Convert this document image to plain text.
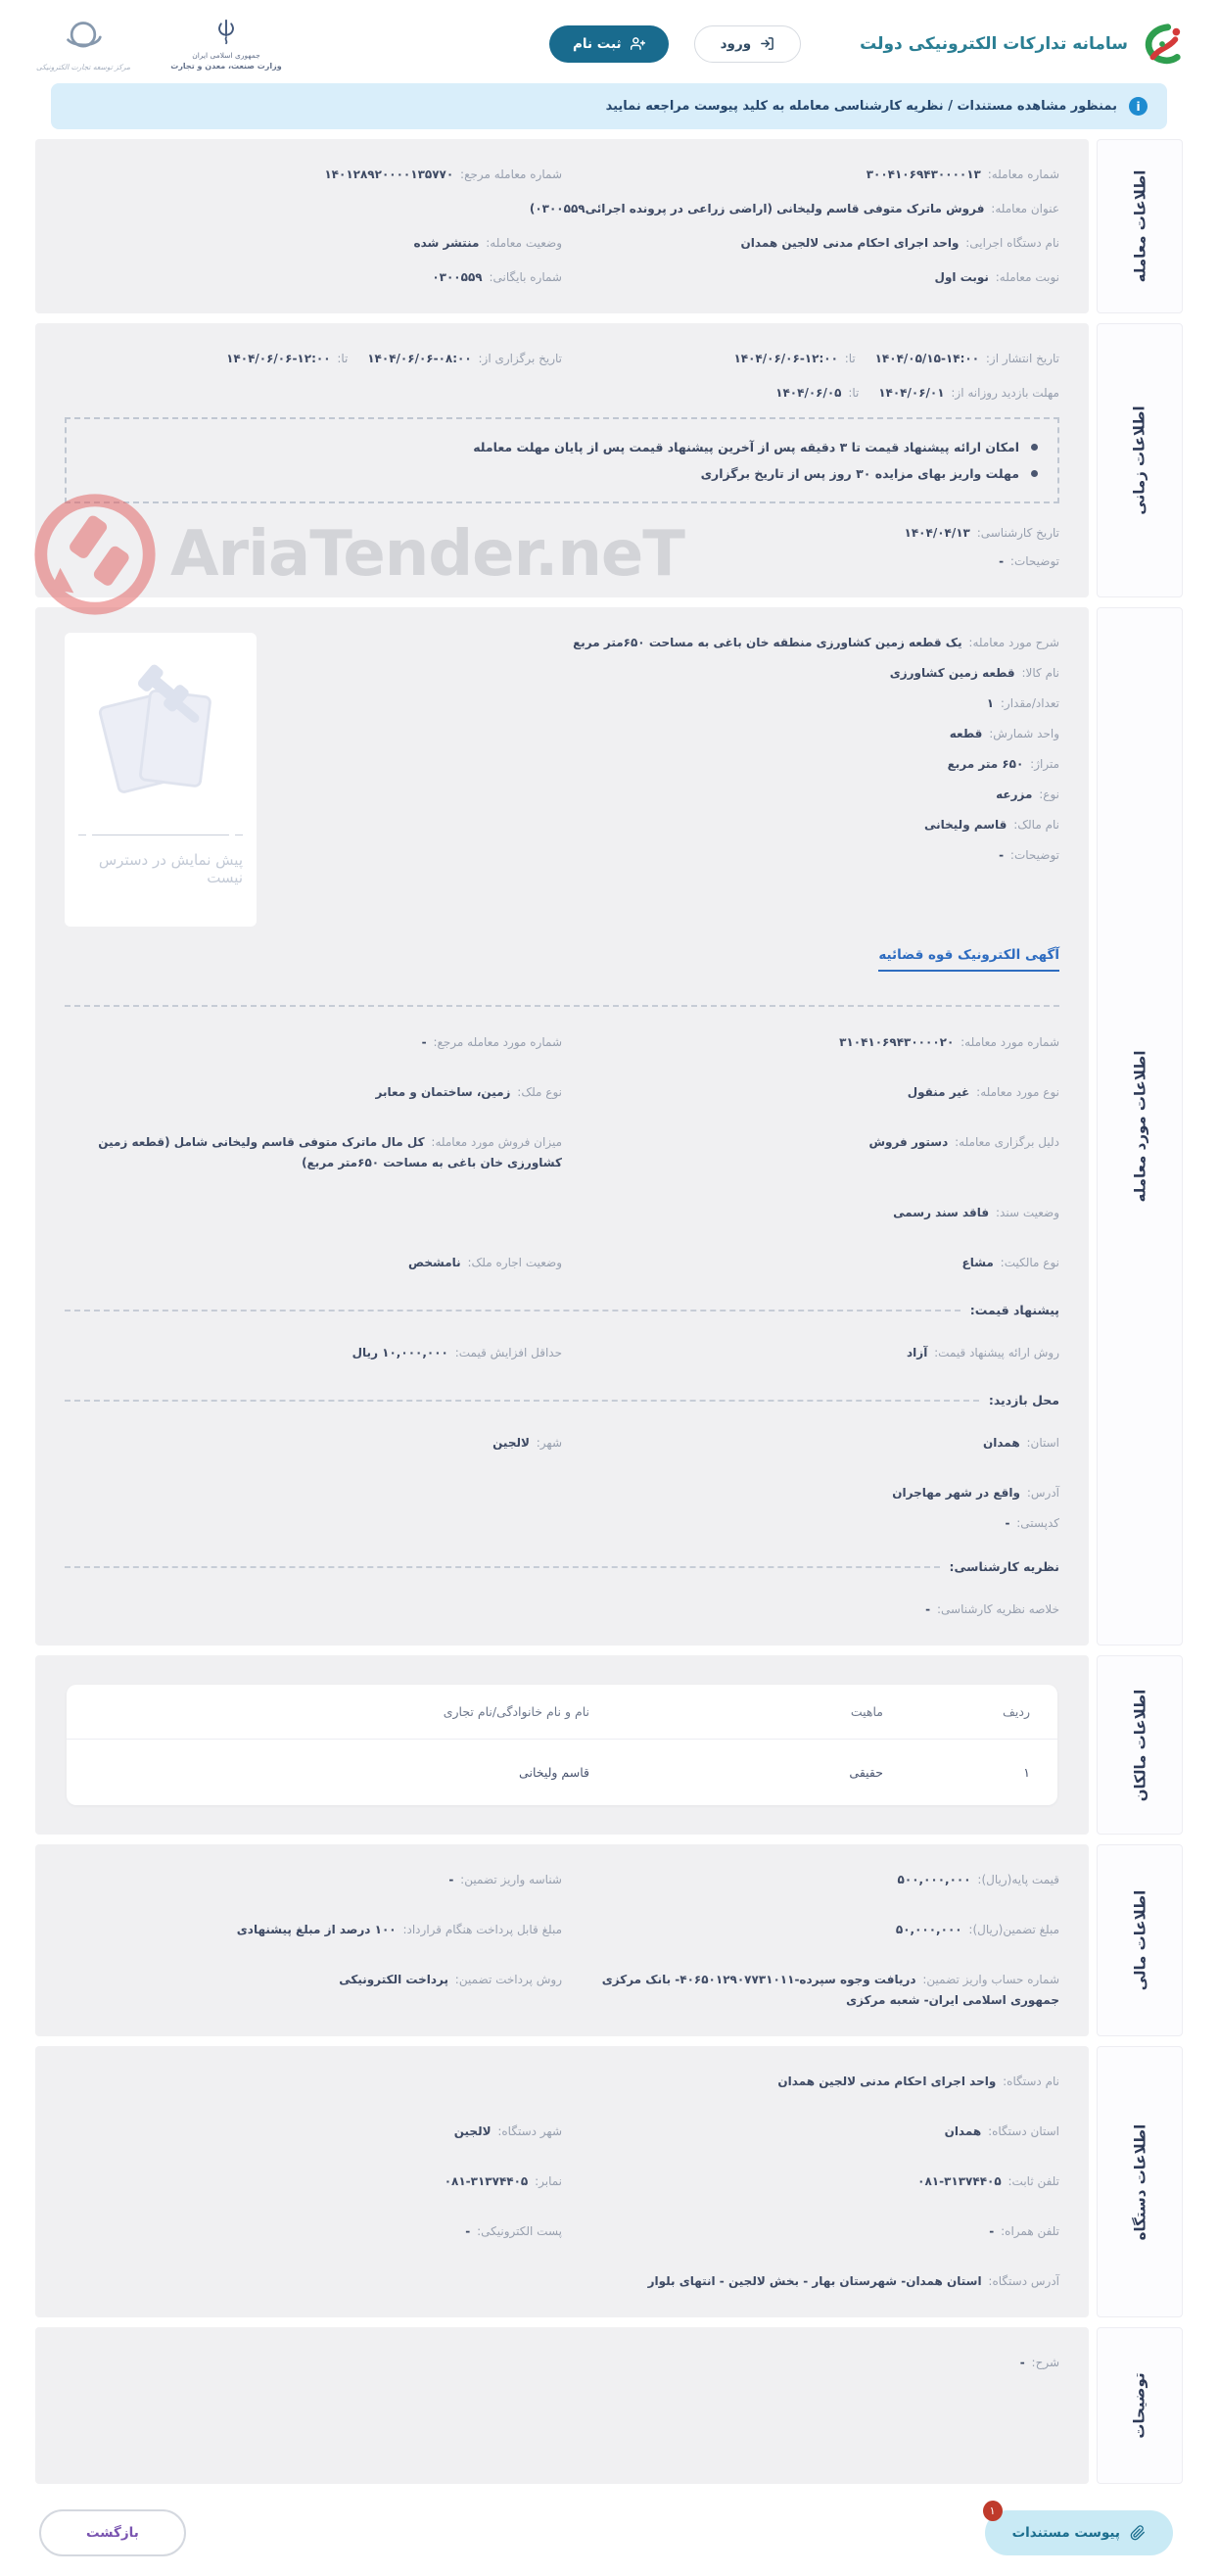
سامانه تدارکات الکترونیکی دولت
ورود
ثبت نام
مرکز توسعه تجارت الکترونیکی
جمهوری اسلامی ایران
وزارت صنعت، معدن و تجارت
i
بمنظور مشاهده مستندات / نظریه کارشناسی معامله به کلید پیوست مراجعه نمایید
AriaTender.neT
اطلاعات معامله
شماره معامله: ۳۰۰۴۱۰۶۹۴۳۰۰۰۰۱۳
شماره معامله مرجع: ۱۴۰۱۲۸۹۲۰۰۰۰۱۳۵۷۷۰
عنوان معامله: فروش ماترک متوفی قاسم ولیخانی (اراضی زراعی در پرونده اجرائی۰۳۰۰۵۵۹)
نام دستگاه اجرایی: واحد اجرای احکام مدنی لالجین همدان
وضعیت معامله: منتشر شده
نوبت معامله: نوبت اول
شماره بایگانی: ۰۳۰۰۵۵۹
اطلاعات زمانی
تاریخ انتشار از: ۱۴۰۴/۰۵/۱۵-۱۴:۰۰ تا: ۱۴۰۴/۰۶/۰۶-۱۲:۰۰
تاریخ برگزاری از: ۱۴۰۴/۰۶/۰۶-۰۸:۰۰ تا: ۱۴۰۴/۰۶/۰۶-۱۲:۰۰
مهلت بازدید روزانه از: ۱۴۰۴/۰۶/۰۱ تا: ۱۴۰۴/۰۶/۰۵
امکان ارائه پیشنهاد قیمت تا ۳ دقیقه پس از آخرین پیشنهاد قیمت پس از پایان مهلت معامله
مهلت واریز بهای مزایده ۳۰ روز پس از تاریخ برگزاری
تاریخ کارشناسی: ۱۴۰۴/۰۴/۱۳
توضیحات: -
اطلاعات مورد معامله
شرح مورد معامله: یک قطعه زمین کشاورزی منطقه خان باغی به مساحت ۶۵۰متر مربع
نام کالا: قطعه زمین کشاورزی
تعداد/مقدار: ۱
واحد شمارش: قطعه
متراژ: ۶۵۰ متر مربع
نوع: مزرعه
نام مالک: قاسم ولیخانی
توضیحات: -
پیش نمایش در دسترس نیست
آگهی الکترونیک قوه قضائیه
شماره مورد معامله: ۳۱۰۴۱۰۶۹۴۳۰۰۰۰۲۰
شماره مورد معامله مرجع: -
نوع مورد معامله: غیر منقول
نوع ملک: زمین، ساختمان و معابر
دلیل برگزاری معامله: دستور فروش
میزان فروش مورد معامله: کل مال ماترک متوفی قاسم ولیخانی شامل (قطعه زمین کشاورزی خان باغی به مساحت ۶۵۰متر مربع)
وضعیت سند: فاقد سند رسمی
نوع مالکیت: مشاع
وضعیت اجاره ملک: نامشخص
پیشنهاد قیمت:
روش ارائه پیشنهاد قیمت: آزاد
حداقل افزایش قیمت: ۱۰,۰۰۰,۰۰۰ ریال
محل بازدید:
استان: همدان
شهر: لالجین
آدرس: واقع در شهر مهاجران
کدپستی: -
نظریه کارشناسی:
خلاصه نظریه کارشناسی: -
اطلاعات مالکان
ردیف
ماهیت
نام و نام خانوادگی/نام تجاری
۱
حقیقی
قاسم ولیخانی
اطلاعات مالی
قیمت پایه(ریال): ۵۰۰,۰۰۰,۰۰۰
شناسه واریز تضمین: -
مبلغ تضمین(ریال): ۵۰,۰۰۰,۰۰۰
مبلغ قابل پرداخت هنگام قرارداد: ۱۰۰ درصد از مبلغ پیشنهادی
شماره حساب واریز تضمین: دریافت وجوه سپرده-۴۰۶۵۰۱۲۹۰۷۷۳۱۰۱۱- بانک مرکزی جمهوری اسلامی ایران- شعبه مرکزی
روش پرداخت تضمین: پرداخت الکترونیکی
اطلاعات دستگاه
نام دستگاه: واحد اجرای احکام مدنی لالجین همدان
استان دستگاه: همدان
شهر دستگاه: لالجین
تلفن ثابت: ۰۸۱-۳۱۳۷۴۴۰۵
نمابر: ۰۸۱-۳۱۳۷۴۴۰۵
تلفن همراه: -
پست الکترونیکی: -
آدرس دستگاه: استان همدان- شهرستان بهار - بخش لالجین - انتهای بلوار
توضیحات
شرح: -
پیوست مستندات
۱
بازگشت
